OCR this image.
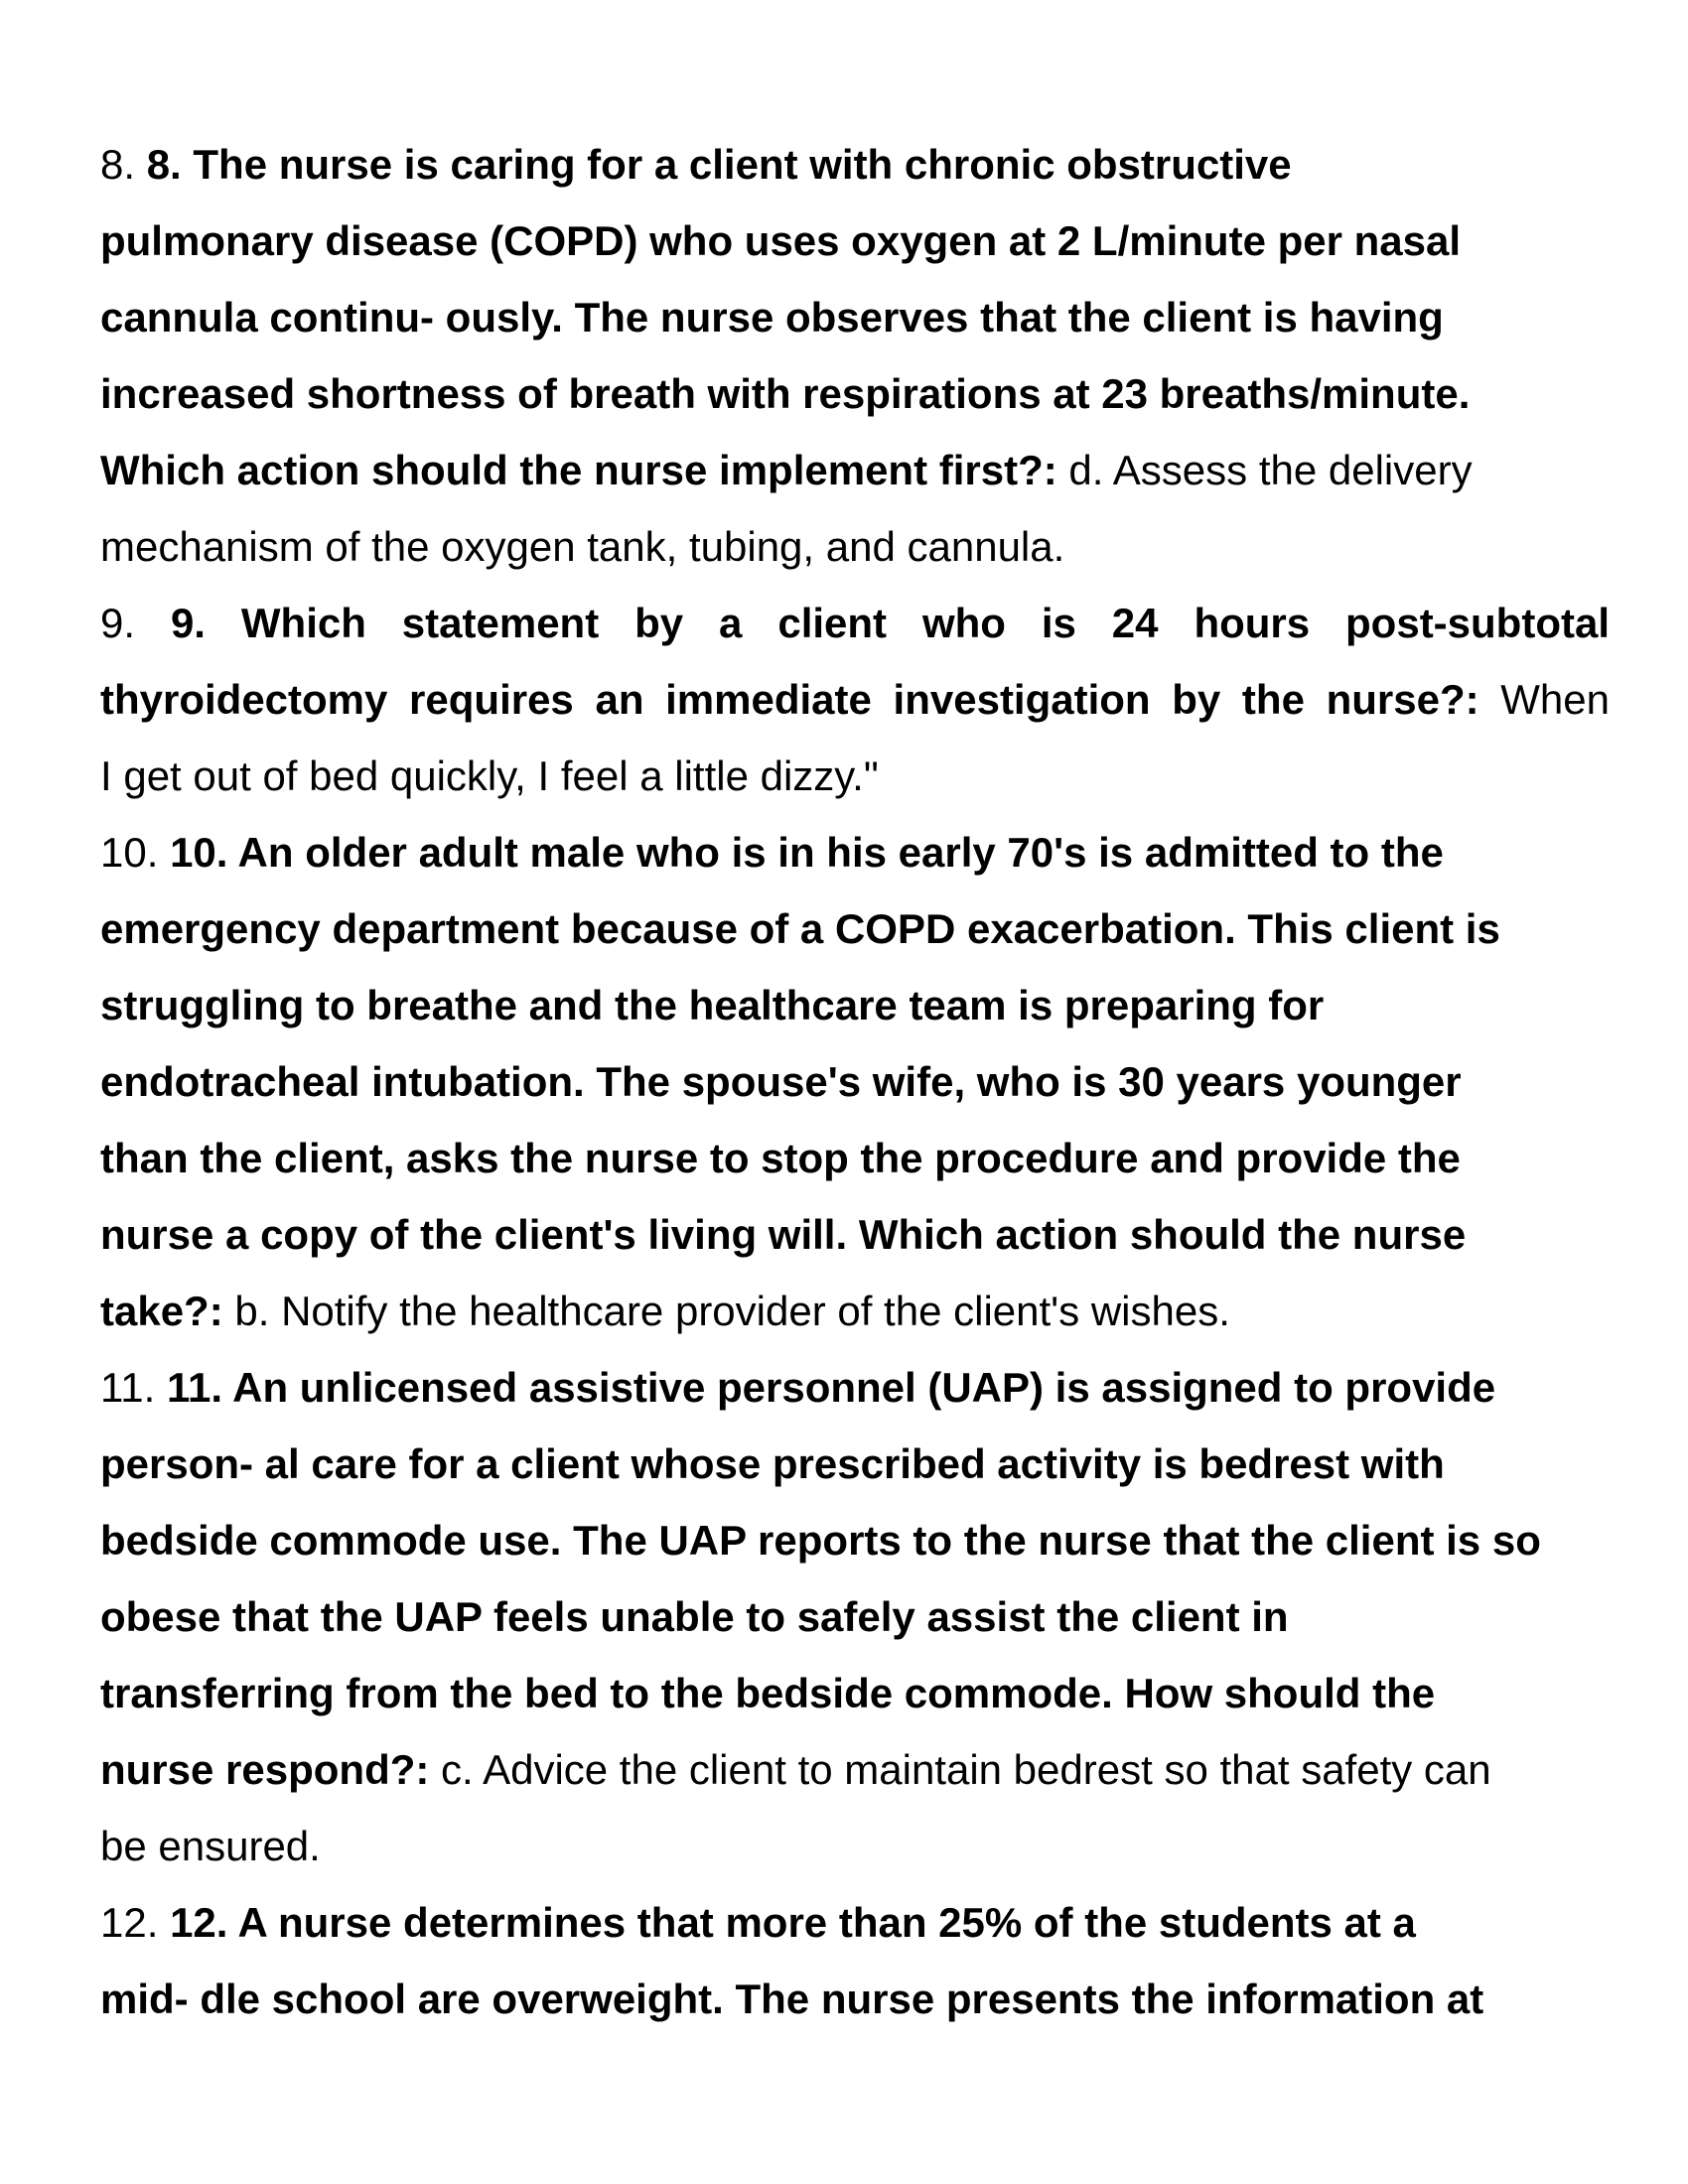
8. 8. The nurse is caring for a client with chronic obstructive
pulmonary disease (COPD) who uses oxygen at 2 L/minute per nasal
cannula continu- ously. The nurse observes that the client is having
increased shortness of breath with respirations at 23 breaths/minute.
Which action should the nurse implement first?: d. Assess the delivery
mechanism of the oxygen tank, tubing, and cannula.
9. 9. Which statement by a client who is 24 hours post-subtotal
thyroidectomy requires an immediate investigation by the nurse?: When
I get out of bed quickly, I feel a little dizzy."
10. 10. An older adult male who is in his early 70's is admitted to the
emergency department because of a COPD exacerbation. This client is
struggling to breathe and the healthcare team is preparing for
endotracheal intubation. The spouse's wife, who is 30 years younger
than the client, asks the nurse to stop the procedure and provide the
nurse a copy of the client's living will. Which action should the nurse
take?: b. Notify the healthcare provider of the client's wishes.
11. 11. An unlicensed assistive personnel (UAP) is assigned to provide
person- al care for a client whose prescribed activity is bedrest with
bedside commode use. The UAP reports to the nurse that the client is so
obese that the UAP feels unable to safely assist the client in
transferring from the bed to the bedside commode. How should the
nurse respond?: c. Advice the client to maintain bedrest so that safety can
be ensured.
12. 12. A nurse determines that more than 25% of the students at a
mid- dle school are overweight. The nurse presents the information at
